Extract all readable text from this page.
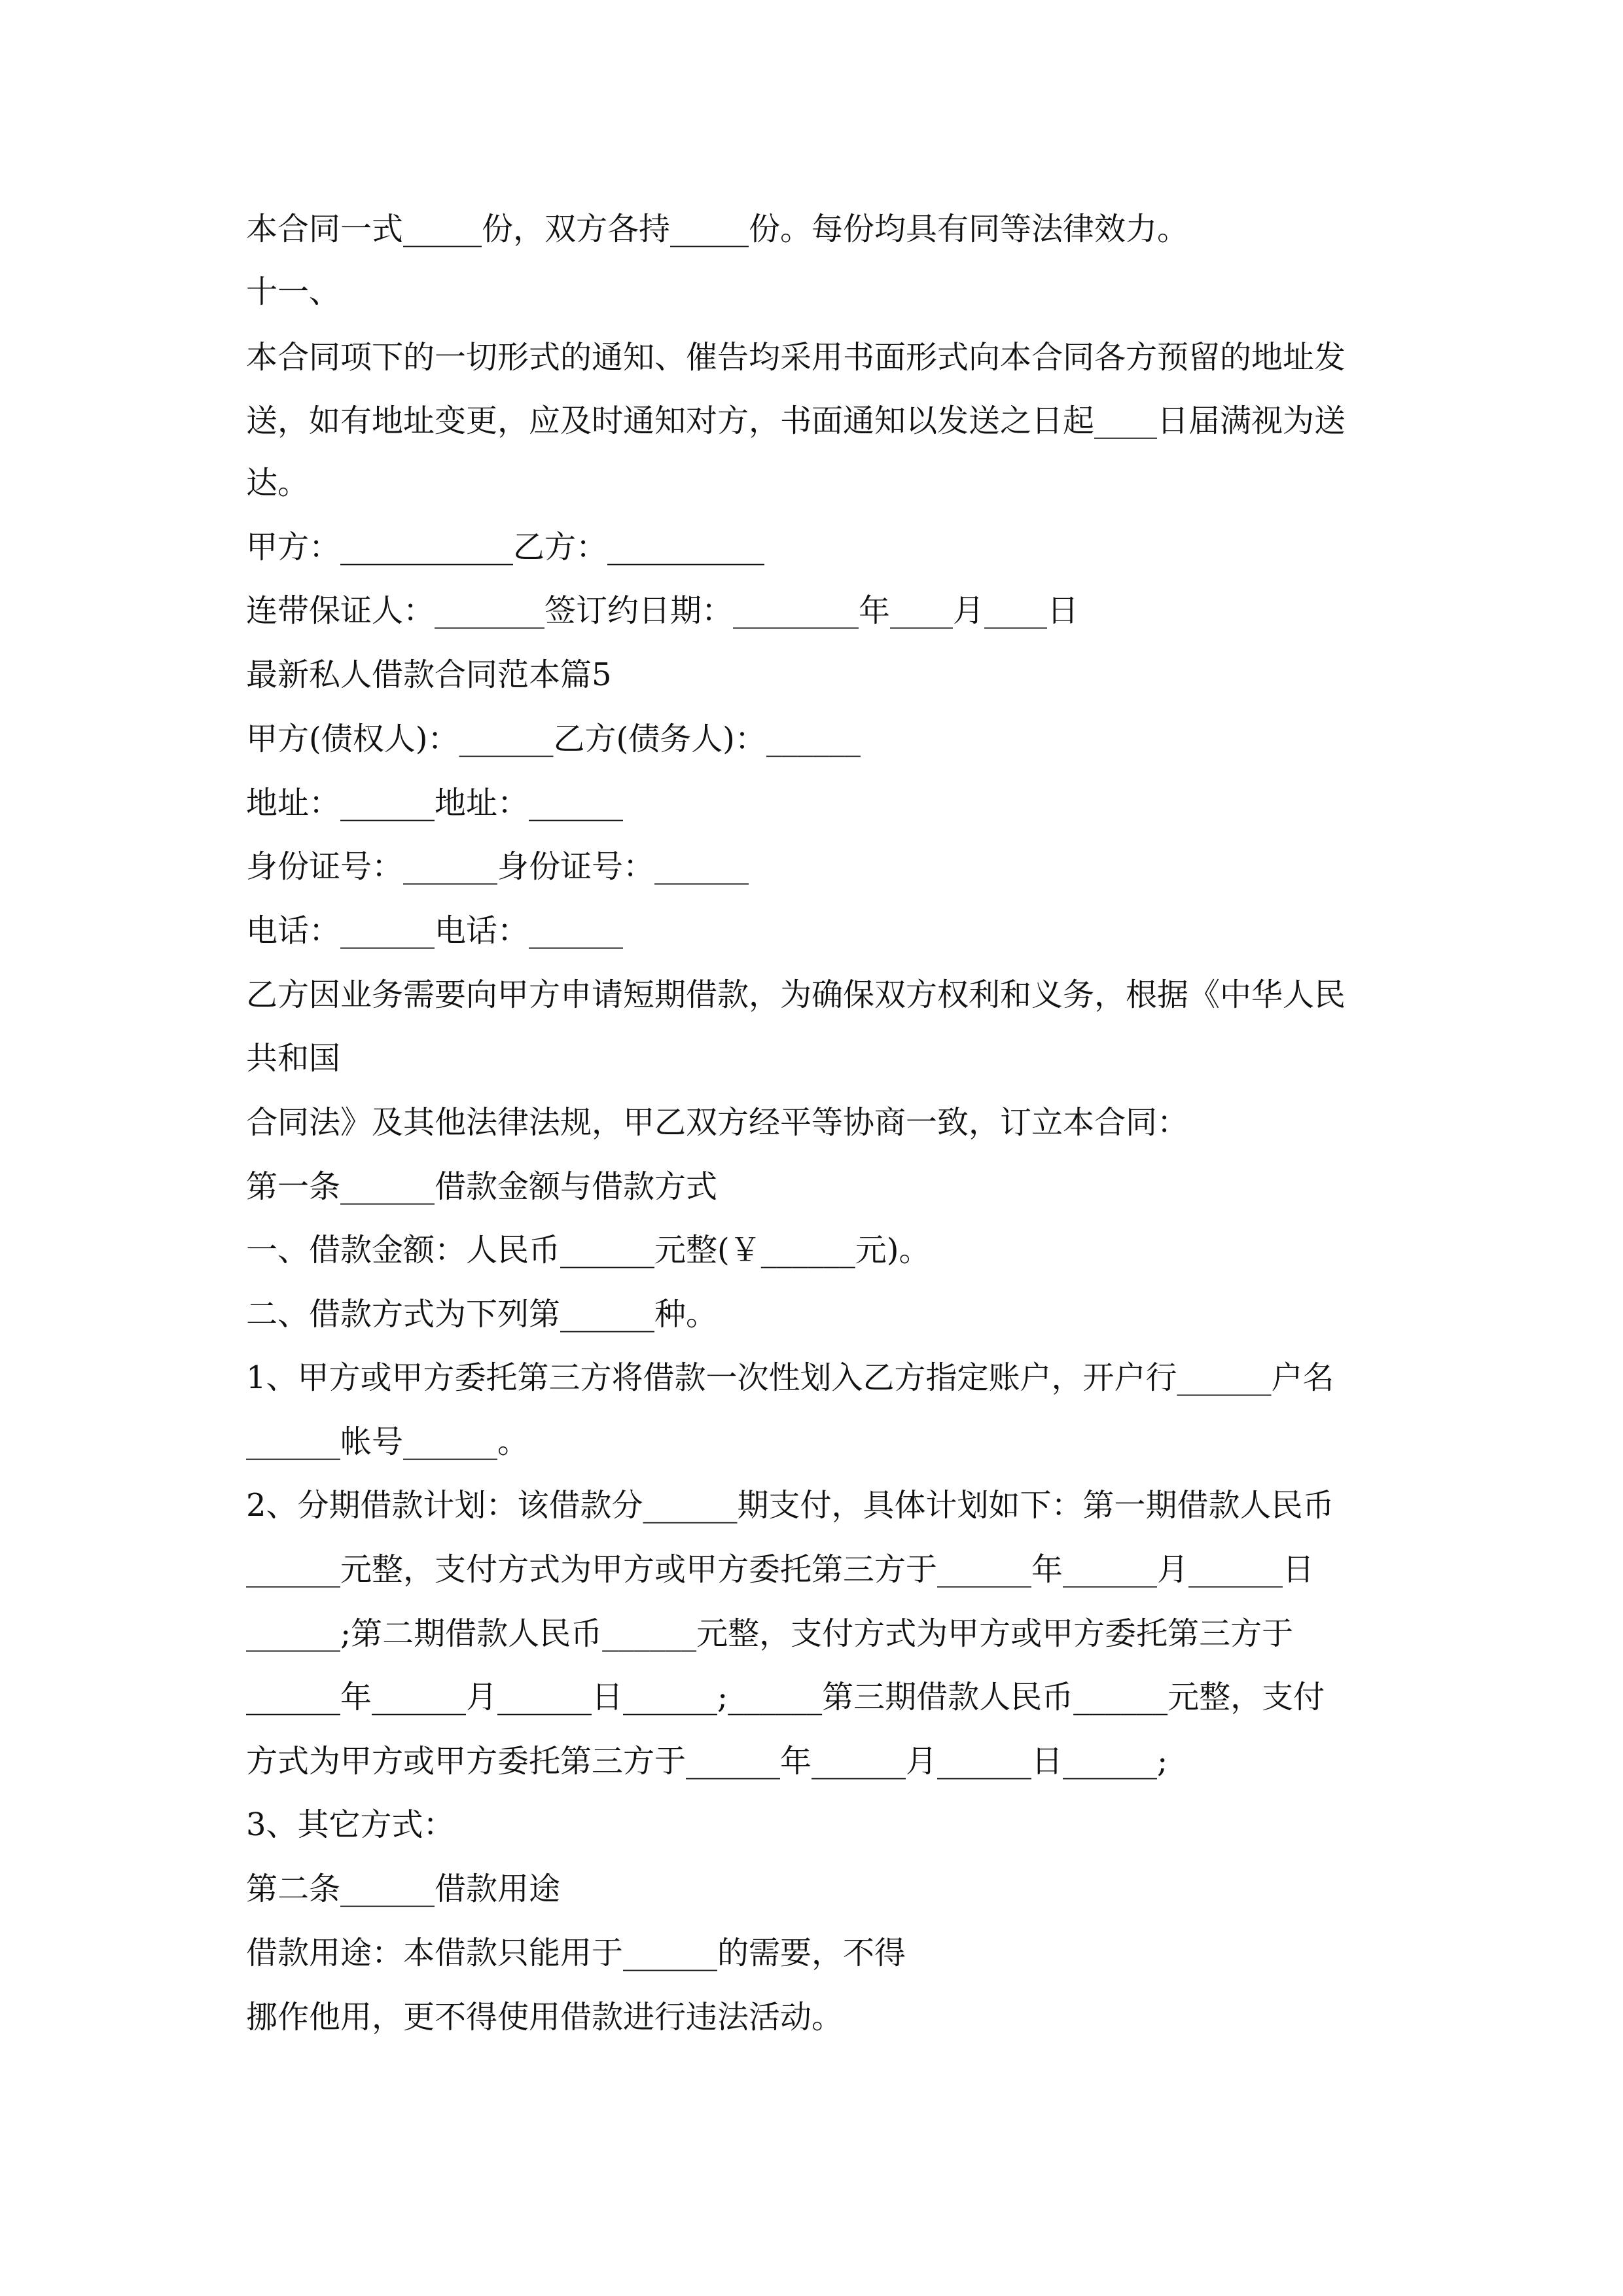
本合同一式_____份，双方各持_____份。每份均具有同等法律效力。
十一、
本合同项下的一切形式的通知、催告均采用书面形式向本合同各方预留的地址发
送，如有地址变更，应及时通知对方，书面通知以发送之日起____日届满视为送
达。
甲方：___________乙方：__________
连带保证人：_______签订约日期：________年____月____日
最新私人借款合同范本篇5
甲方(债权人)：______乙方(债务人)：______
地址：______地址：______
身份证号：______身份证号：______
电话：______电话：______
乙方因业务需要向甲方申请短期借款，为确保双方权利和义务，根据《中华人民
共和国
合同法》及其他法律法规，甲乙双方经平等协商一致，订立本合同：
第一条______借款金额与借款方式
一、借款金额：人民币______元整(￥______元)。
二、借款方式为下列第______种。
1、甲方或甲方委托第三方将借款一次性划入乙方指定账户，开户行______户名
______帐号______。
2、分期借款计划：该借款分______期支付，具体计划如下：第一期借款人民币
______元整，支付方式为甲方或甲方委托第三方于______年______月______日
______;第二期借款人民币______元整，支付方式为甲方或甲方委托第三方于
______年______月______日______;______第三期借款人民币______元整，支付
方式为甲方或甲方委托第三方于______年______月______日______;
3、其它方式：
第二条______借款用途
借款用途：本借款只能用于______的需要，不得
挪作他用，更不得使用借款进行违法活动。
